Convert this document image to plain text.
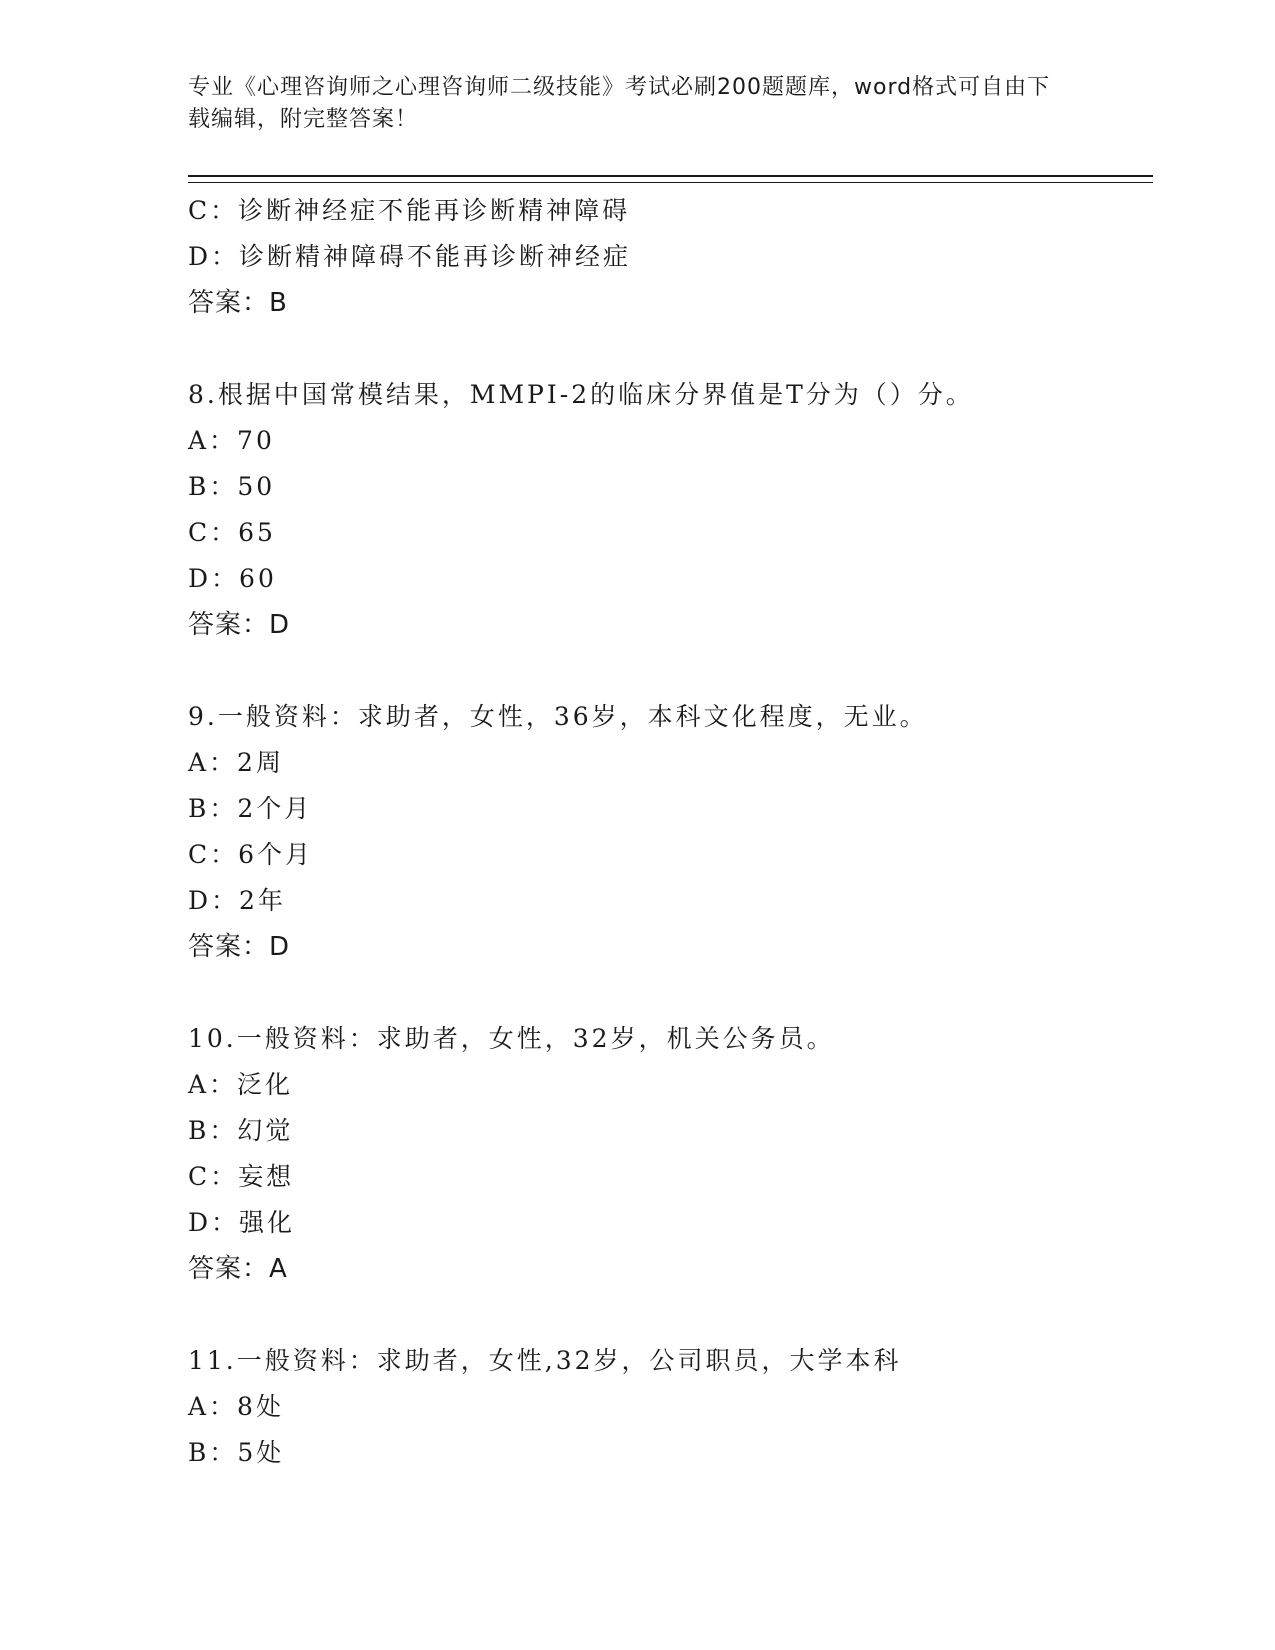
专业《心理咨询师之心理咨询师二级技能》考试必刷200题题库，word格式可自由下载编辑，附完整答案！
C：诊断神经症不能再诊断精神障碍
D：诊断精神障碍不能再诊断神经症
答案：B
8.根据中国常模结果，MMPI-2的临床分界值是T分为（）分。
A：70
B：50
C：65
D：60
答案：D
9.一般资料：求助者，女性，36岁，本科文化程度，无业。
A：2周
B：2个月
C：6个月
D：2年
答案：D
10.一般资料：求助者，女性，32岁，机关公务员。
A：泛化
B：幻觉
C：妄想
D：强化
答案：A
11.一般资料：求助者，女性,32岁，公司职员，大学本科
A：8处
B：5处
